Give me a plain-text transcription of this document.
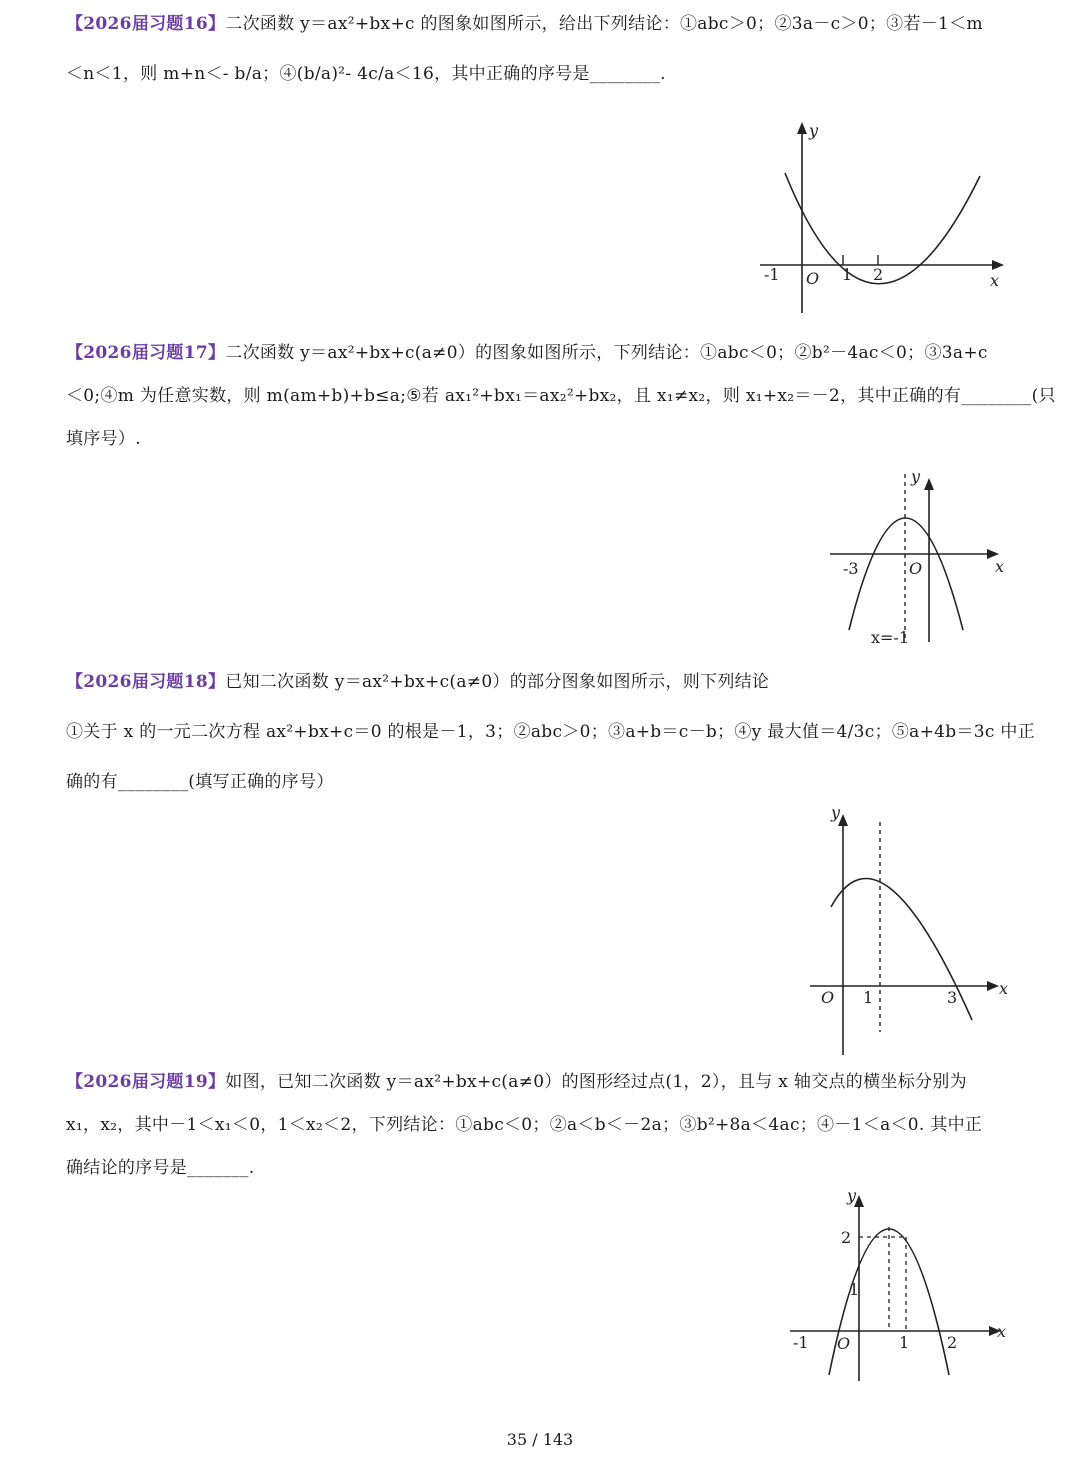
【2026届习题16】二次函数 y＝ax²+bx+c 的图象如图所示，给出下列结论：①abc＞0；②3a－c＞0；③若－1＜m
＜n＜1，则 m+n＜- b/a；④(b/a)²- 4c/a＜16，其中正确的序号是________.
y
x
O
-1	1 2
【2026届习题17】二次函数 y＝ax²+bx+c(a≠0）的图象如图所示，下列结论：①abc＜0；②b²－4ac＜0；③3a+c
＜0;④m 为任意实数，则 m(am+b)+b≤a;⑤若 ax₁²+bx₁＝ax₂²+bx₂，且 x₁≠x₂，则 x₁+x₂＝－2，其中正确的有________(只
填序号）.
y
x
O
-3
x=-1
【2026届习题18】已知二次函数 y＝ax²+bx+c(a≠0）的部分图象如图所示，则下列结论
①关于 x 的一元二次方程 ax²+bx+c＝0 的根是－1，3；②abc＞0；③a+b＝c－b；④y 最大值＝4/3c；⑤a+4b＝3c 中正
确的有________(填写正确的序号）
y
x
O 1	3
【2026届习题19】如图，已知二次函数 y＝ax²+bx+c(a≠0）的图形经过点(1，2），且与 x 轴交点的横坐标分别为
x₁，x₂，其中－1＜x₁＜0，1＜x₂＜2，下列结论：①abc＜0；②a＜b＜－2a；③b²+8a＜4ac；④－1＜a＜0. 其中正
确结论的序号是_______.
y
x
O
-1	1 2
2
1
35 / 143
